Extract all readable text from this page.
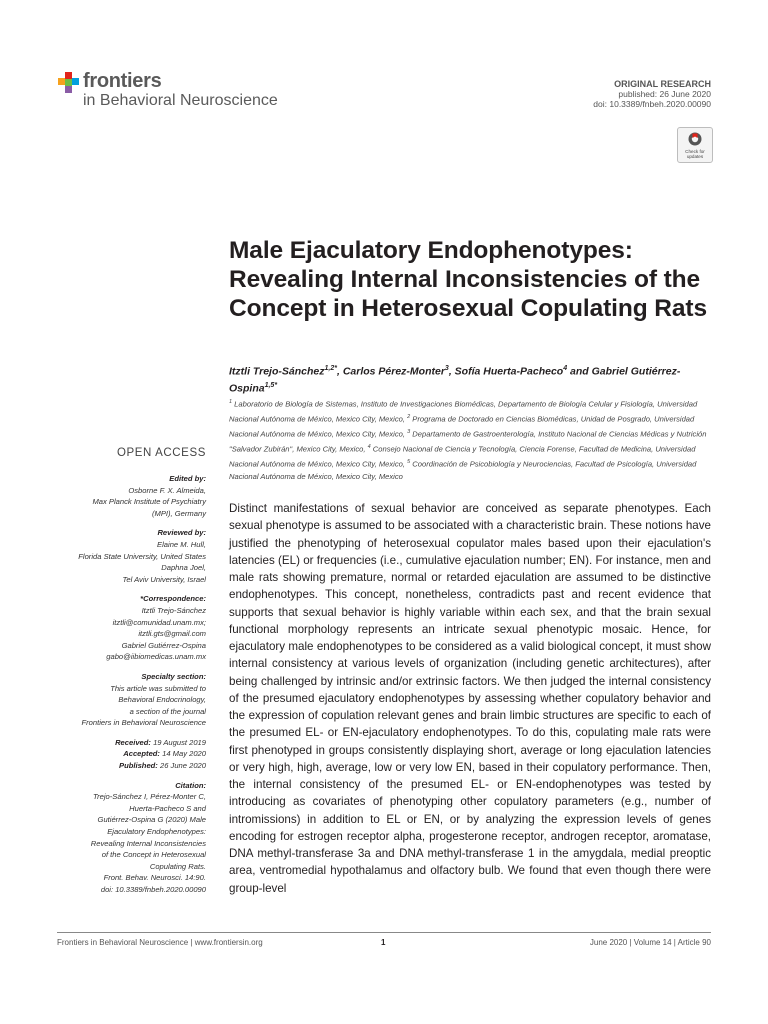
frontiers
in Behavioral Neuroscience
ORIGINAL RESEARCH
published: 26 June 2020
doi: 10.3389/fnbeh.2020.00090
Check for
updates
Male Ejaculatory Endophenotypes: Revealing Internal Inconsistencies of the Concept in Heterosexual Copulating Rats
Itztli Trejo-Sánchez$^{1,2*}$, Carlos Pérez-Monter$^3$, Sofía Huerta-Pacheco$^4$ and Gabriel Gutiérrez-Ospina$^{1,5*}$
$^1$ Laboratorio de Biología de Sistemas, Instituto de Investigaciones Biomédicas, Departamento de Biología Celular y Fisiología, Universidad Nacional Autónoma de México, Mexico City, Mexico, $^2$ Programa de Doctorado en Ciencias Biomédicas, Unidad de Posgrado, Universidad Nacional Autónoma de México, Mexico City, Mexico, $^3$ Departamento de Gastroenterología, Instituto Nacional de Ciencias Médicas y Nutrición "Salvador Zubirán", Mexico City, Mexico, $^4$ Consejo Nacional de Ciencia y Tecnología, Ciencia Forense, Facultad de Medicina, Universidad Nacional Autónoma de México, Mexico City, Mexico, $^5$ Coordinación de Psicobiología y Neurociencias, Facultad de Psicología, Universidad Nacional Autónoma de México, Mexico City, Mexico
OPEN ACCESS
Edited by:
Osborne F. X. Almeida,
Max Planck Institute of Psychiatry
(MPI), Germany
Reviewed by:
Elaine M. Hull,
Florida State University, United States
Daphna Joel,
Tel Aviv University, Israel
*Correspondence:
Itztli Trejo-Sánchez
itztli@comunidad.unam.mx;
itztli.gts@gmail.com
Gabriel Gutiérrez-Ospina
gabo@iibiomedicas.unam.mx
Specialty section:
This article was submitted to
Behavioral Endocrinology,
a section of the journal
Frontiers in Behavioral Neuroscience
Received: 19 August 2019
Accepted: 14 May 2020
Published: 26 June 2020
Citation:
Trejo-Sánchez I, Pérez-Monter C,
Huerta-Pacheco S and
Gutiérrez-Ospina G (2020) Male
Ejaculatory Endophenotypes:
Revealing Internal Inconsistencies
of the Concept in Heterosexual
Copulating Rats.
Front. Behav. Neurosci. 14:90.
doi: 10.3389/fnbeh.2020.00090
Distinct manifestations of sexual behavior are conceived as separate phenotypes. Each sexual phenotype is assumed to be associated with a characteristic brain. These notions have justified the phenotyping of heterosexual copulator males based upon their ejaculation's latencies (EL) or frequencies (i.e., cumulative ejaculation number; EN). For instance, men and male rats showing premature, normal or retarded ejaculation are assumed to be distinctive endophenotypes. This concept, nonetheless, contradicts past and recent evidence that supports that sexual behavior is highly variable within each sex, and that the brain sexual functional morphology represents an intricate sexual phenotypic mosaic. Hence, for ejaculatory male endophenotypes to be considered as a valid biological concept, it must show internal consistency at various levels of organization (including genetic architectures), after being challenged by intrinsic and/or extrinsic factors. We then judged the internal consistency of the presumed ejaculatory endophenotypes by assessing whether copulatory behavior and the expression of copulation relevant genes and brain limbic structures are specific to each of the presumed EL- or EN-ejaculatory endophenotypes. To do this, copulating male rats were first phenotyped in groups consistently displaying short, average or long ejaculation latencies or very high, high, average, low or very low EN, based in their copulatory performance. Then, the internal consistency of the presumed EL- or EN-endophenotypes was tested by introducing as covariates of phenotyping other copulatory parameters (e.g., number of intromissions) in addition to EL or EN, or by analyzing the expression levels of genes encoding for estrogen receptor alpha, progesterone receptor, androgen receptor, aromatase, DNA methyl-transferase 3a and DNA methyl-transferase 1 in the amygdala, medial preoptic area, ventromedial hypothalamus and olfactory bulb. We found that even though there were group-level
Frontiers in Behavioral Neuroscience | www.frontiersin.org	1	June 2020 | Volume 14 | Article 90
